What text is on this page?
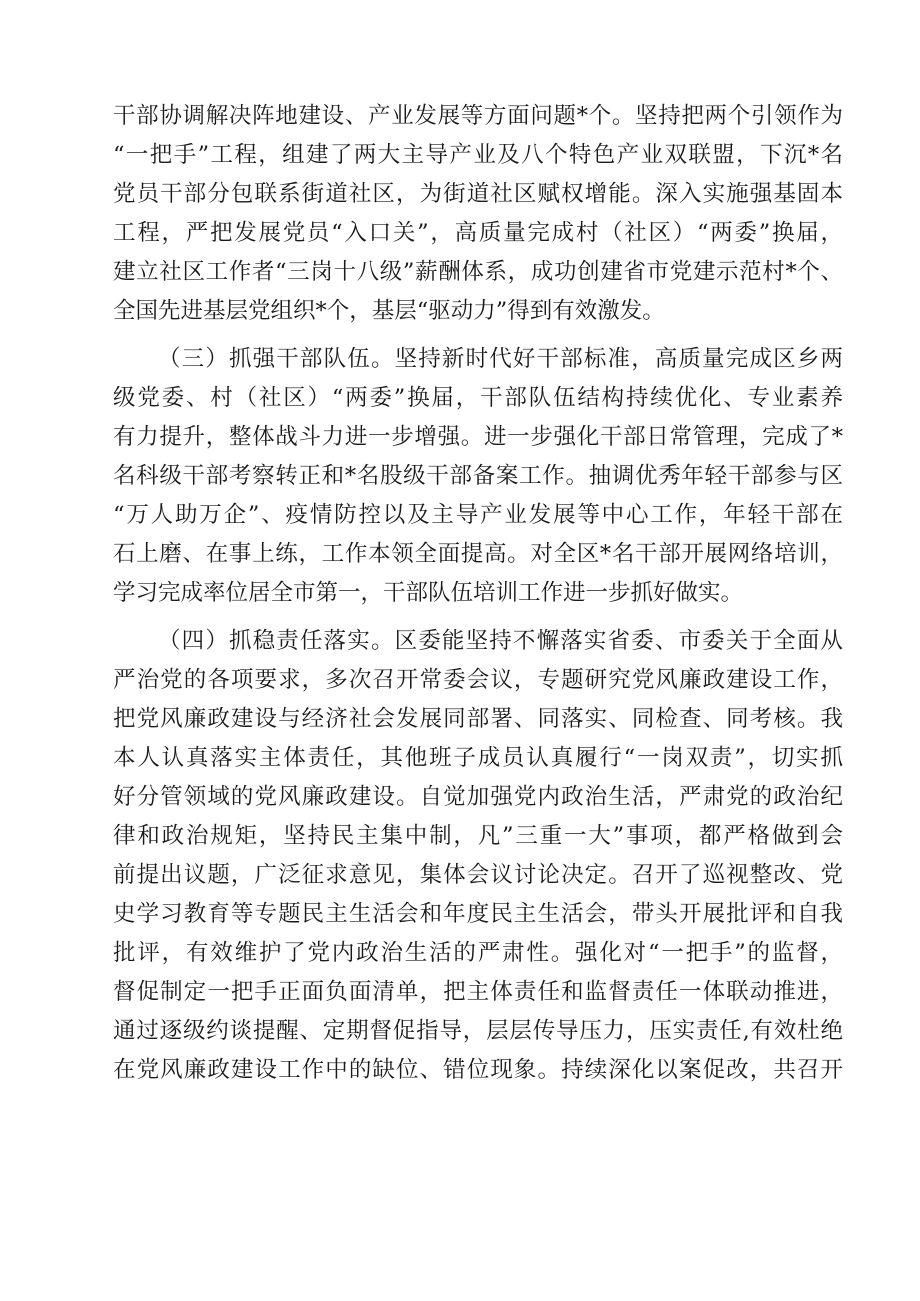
干部协调解决阵地建设、产业发展等方面问题*个。坚持把两个引领作为
“一把手”工程，组建了两大主导产业及八个特色产业双联盟，下沉*名
党员干部分包联系街道社区，为街道社区赋权增能。深入实施强基固本
工程，严把发展党员“入口关”，高质量完成村（社区）“两委”换届，
建立社区工作者“三岗十八级”薪酬体系，成功创建省市党建示范村*个、
全国先进基层党组织*个，基层“驱动力”得到有效激发。
（三）抓强干部队伍。坚持新时代好干部标准，高质量完成区乡两
级党委、村（社区）“两委”换届，干部队伍结构持续优化、专业素养
有力提升，整体战斗力进一步增强。进一步强化干部日常管理，完成了*
名科级干部考察转正和*名股级干部备案工作。抽调优秀年轻干部参与区
“万人助万企”、疫情防控以及主导产业发展等中心工作，年轻干部在
石上磨、在事上练，工作本领全面提高。对全区*名干部开展网络培训，
学习完成率位居全市第一，干部队伍培训工作进一步抓好做实。
（四）抓稳责任落实。区委能坚持不懈落实省委、市委关于全面从
严治党的各项要求，多次召开常委会议，专题研究党风廉政建设工作，
把党风廉政建设与经济社会发展同部署、同落实、同检查、同考核。我
本人认真落实主体责任，其他班子成员认真履行“一岗双责”，切实抓
好分管领域的党风廉政建设。自觉加强党内政治生活，严肃党的政治纪
律和政治规矩，坚持民主集中制，凡”三重一大”事项，都严格做到会
前提出议题，广泛征求意见，集体会议讨论决定。召开了巡视整改、党
史学习教育等专题民主生活会和年度民主生活会，带头开展批评和自我
批评，有效维护了党内政治生活的严肃性。强化对“一把手”的监督，
督促制定一把手正面负面清单，把主体责任和监督责任一体联动推进，
通过逐级约谈提醒、定期督促指导，层层传导压力，压实责任,有效杜绝
在党风廉政建设工作中的缺位、错位现象。持续深化以案促改，共召开
